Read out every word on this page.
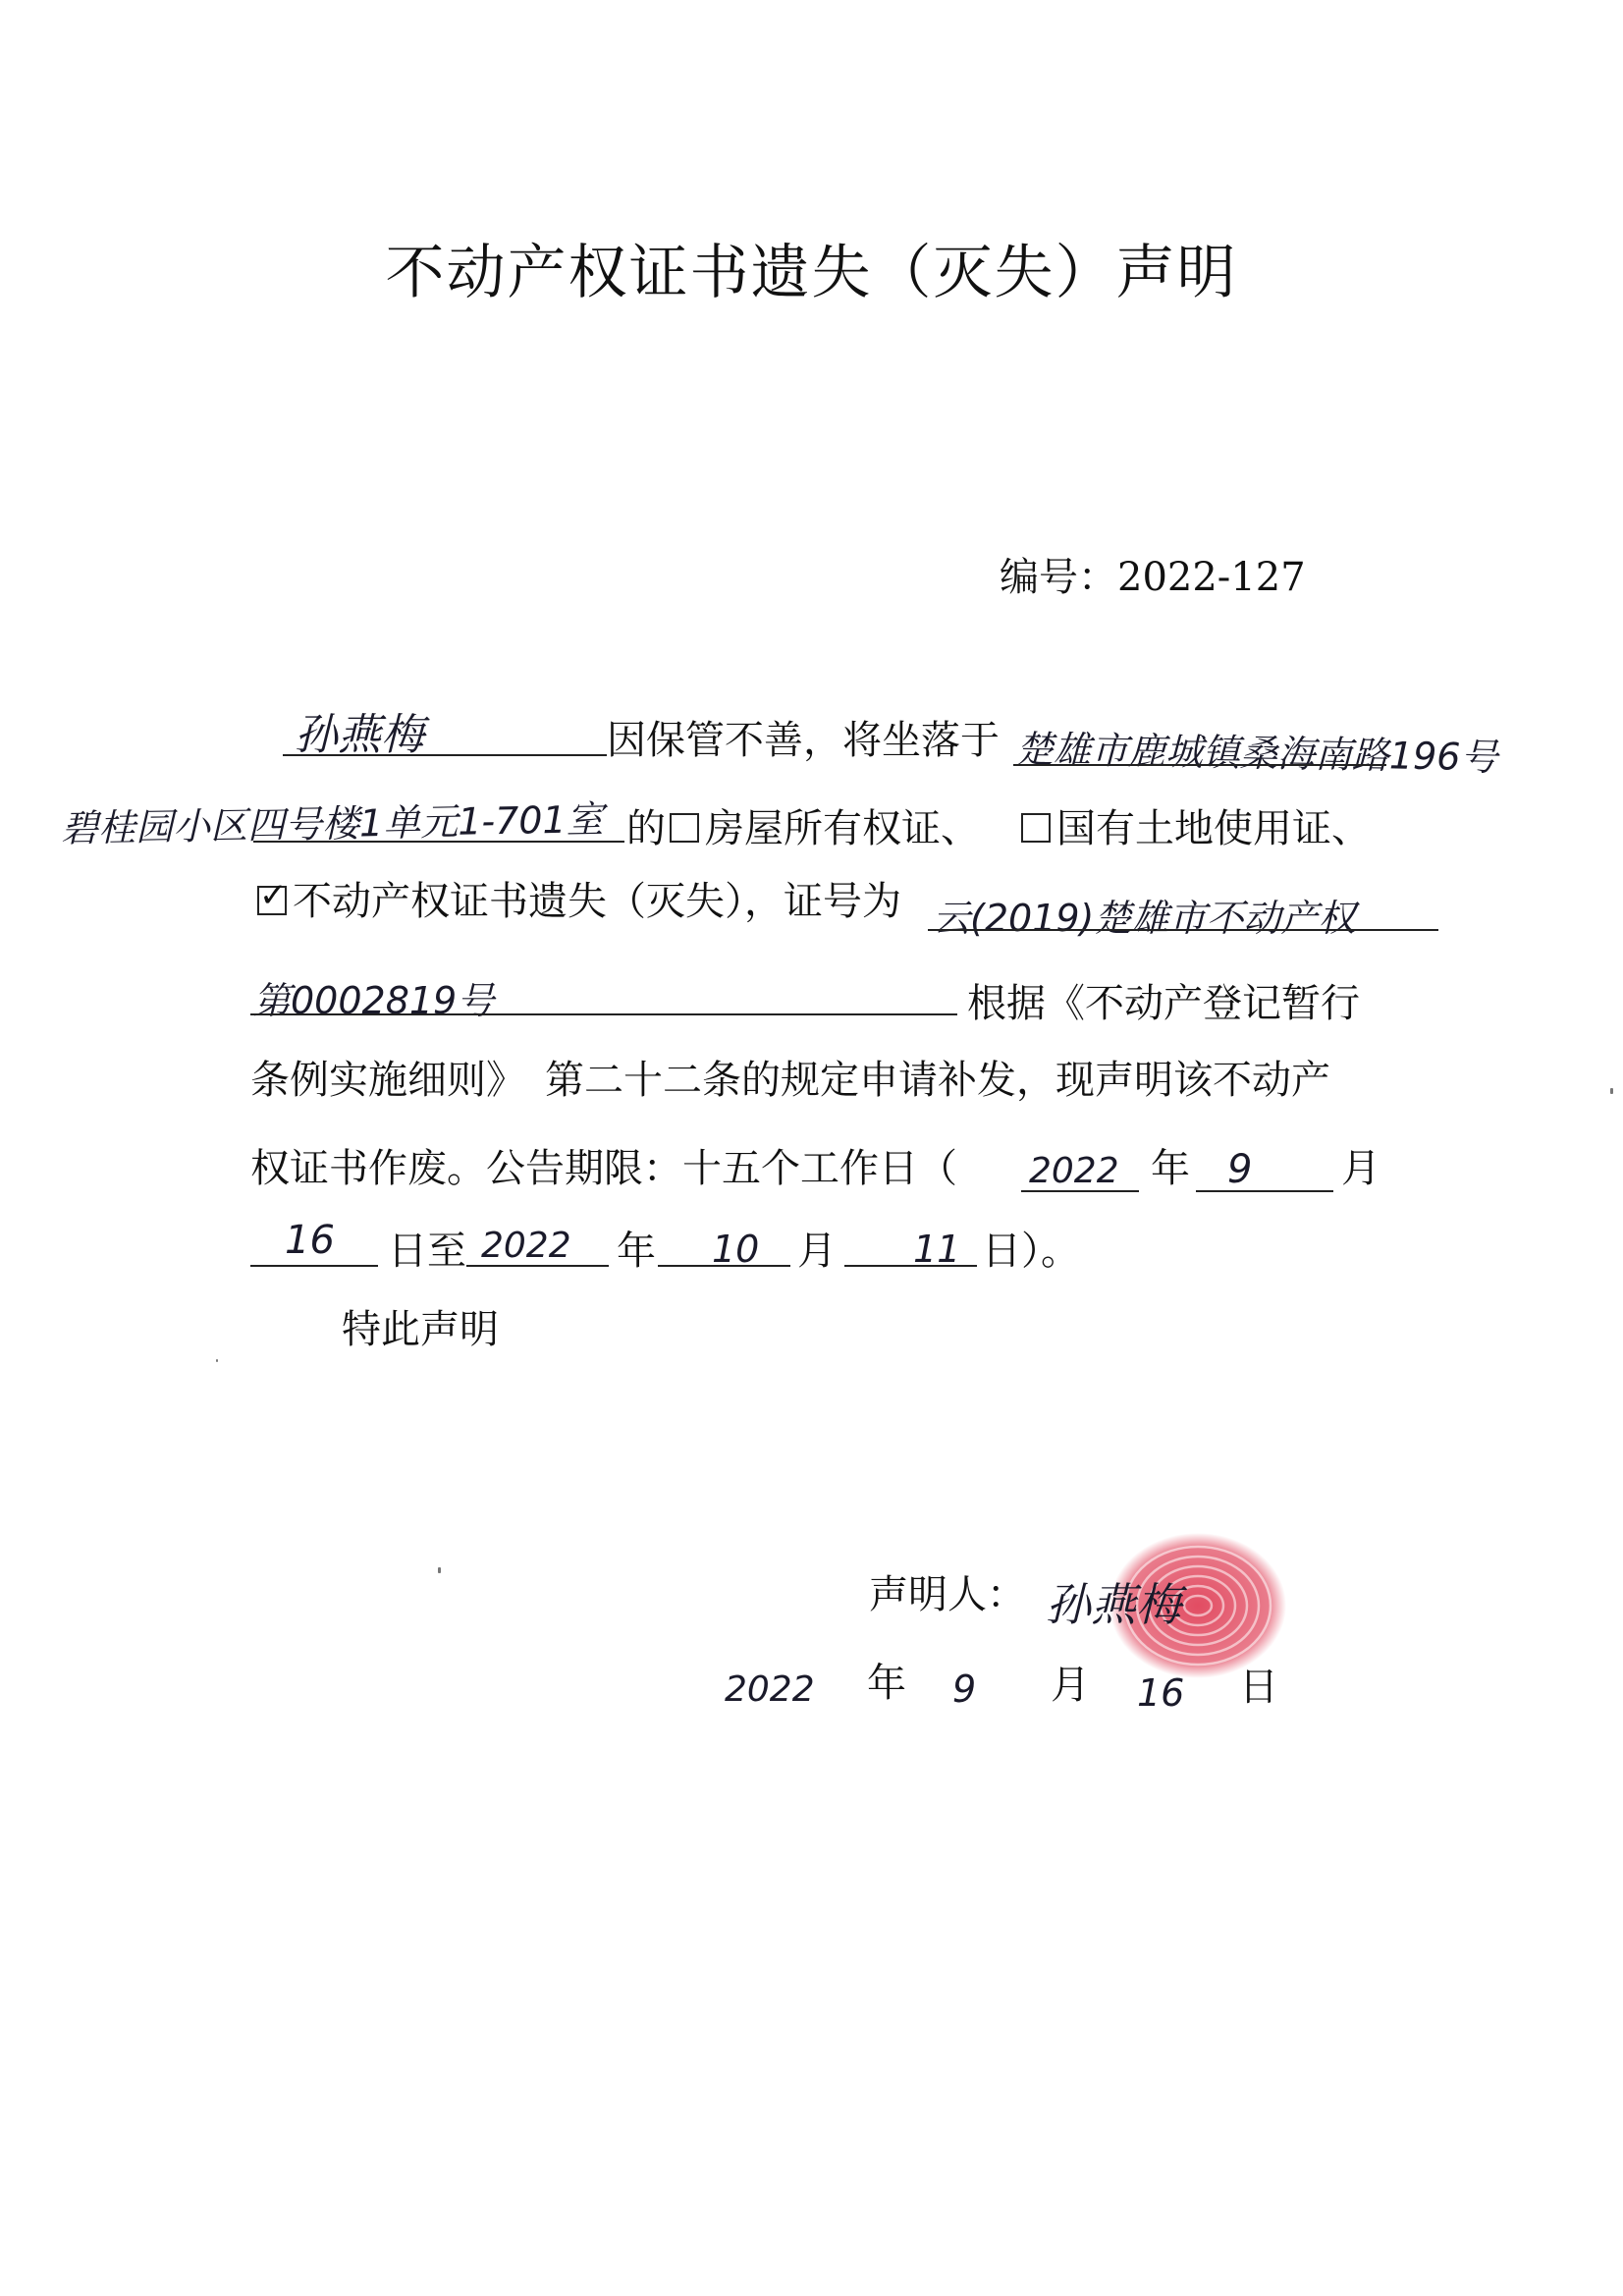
不动产权证书遗失（灭失）声明
编号：2022-127
孙燕梅	因保管不善，将坐落于 楚雄市鹿城镇桑海南路196号
碧桂园小区四号楼1单元1-701室 的 房屋所有权证、 国有土地使用证、
✓ 不动产权证书遗失（灭失），证号为 云(2019)楚雄市不动产权
第0002819号	根据《不动产登记暂行
条例实施细则》　第二十二条的规定申请补发，现声明该不动产
权证书作废。公告期限：十五个工作日（ 2022 年 9 月
16 日至 2022 年 10 月 11 日）。
特此声明
声明人： 孙燕梅
2022 年 9 月 16 日
